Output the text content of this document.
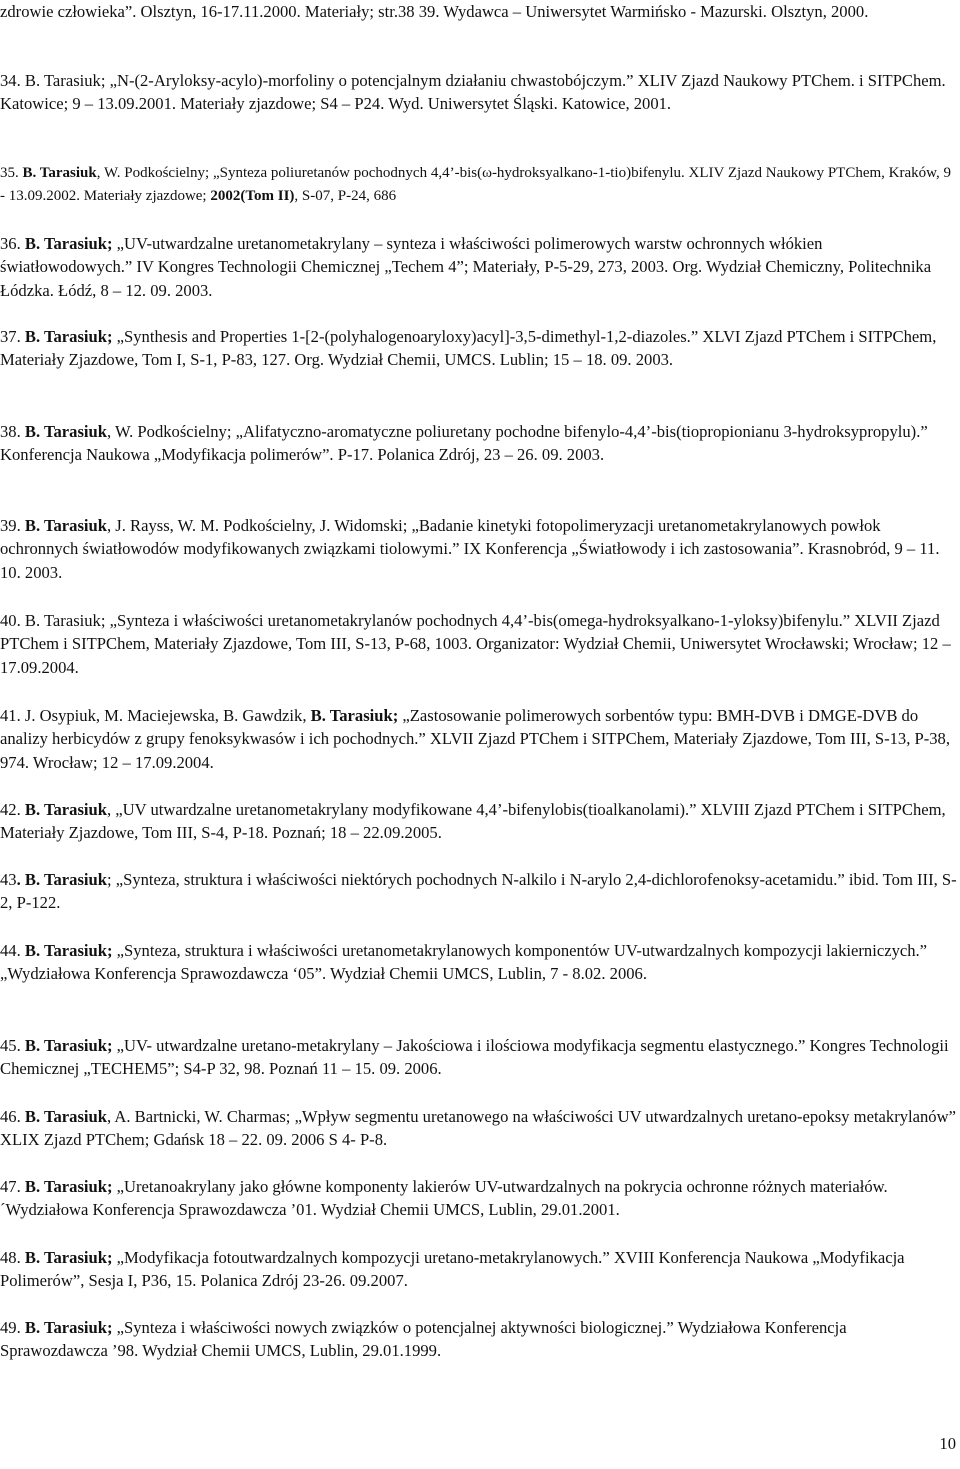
zdrowie człowieka”. Olsztyn, 16-17.11.2000. Materiały; str.38 39. Wydawca – Uniwersytet Warmińsko - Mazurski. Olsztyn, 2000.

34. B. Tarasiuk; „N-(2-Aryloksy-acylo)-morfoliny o potencjalnym działaniu chwastobójczym.” XLIV Zjazd Naukowy PTChem. i SITPChem. Katowice; 9 – 13.09.2001. Materiały zjazdowe; S4 – P24. Wyd. Uniwersytet Śląski. Katowice, 2001.

35. B. Tarasiuk, W. Podkościelny; „Synteza poliuretanów pochodnych 4,4’-bis(ω-hydroksyalkano-1-tio)bifenylu. XLIV Zjazd Naukowy PTChem, Kraków, 9 - 13.09.2002. Materiały zjazdowe; 2002(Tom II), S-07, P-24, 686

36. B. Tarasiuk; „UV-utwardzalne uretanometakrylany – synteza i właściwości polimerowych warstw ochronnych włókien światłowodowych.” IV Kongres Technologii Chemicznej „Techem 4”; Materiały, P-5-29, 273, 2003. Org. Wydział Chemiczny, Politechnika Łódzka. Łódź, 8 – 12. 09. 2003.

37. B. Tarasiuk; „Synthesis and Properties 1-[2-(polyhalogenoaryloxy)acyl]-3,5-dimethyl-1,2-diazoles.” XLVI Zjazd PTChem i SITPChem, Materiały Zjazdowe, Tom I, S-1, P-83, 127. Org. Wydział Chemii, UMCS. Lublin; 15 – 18. 09. 2003.

38. B. Tarasiuk, W. Podkościelny; „Alifatyczno-aromatyczne poliuretany pochodne bifenylo-4,4’-bis(tiopropionianu 3-hydroksypropylu).” Konferencja Naukowa „Modyfikacja polimerów”. P-17. Polanica Zdrój, 23 – 26. 09. 2003.

39. B. Tarasiuk, J. Rayss, W. M. Podkościelny, J. Widomski; „Badanie kinetyki fotopolimeryzacji uretanometakrylanowych powłok ochronnych światłowodów modyfikowanych związkami tiolowymi.” IX Konferencja „Światłowody i ich zastosowania”. Krasnobród, 9 – 11. 10. 2003.

40. B. Tarasiuk; „Synteza i właściwości uretanometakrylanów pochodnych 4,4’-bis(omega-hydroksyalkano-1-yloksy)bifenylu.” XLVII Zjazd PTChem i SITPChem, Materiały Zjazdowe, Tom III, S-13, P-68, 1003. Organizator: Wydział Chemii, Uniwersytet Wrocławski; Wrocław; 12 – 17.09.2004.

41. J. Osypiuk, M. Maciejewska, B. Gawdzik, B. Tarasiuk; „Zastosowanie polimerowych sorbentów typu: BMH-DVB i DMGE-DVB do analizy herbicydów z grupy fenoksykwasów i ich pochodnych.” XLVII Zjazd PTChem i SITPChem, Materiały Zjazdowe, Tom III, S-13, P-38, 974. Wrocław; 12 – 17.09.2004.

42. B. Tarasiuk, „UV utwardzalne uretanometakrylany modyfikowane 4,4’-bifenylobis(tioalkanolami).” XLVIII Zjazd PTChem i SITPChem, Materiały Zjazdowe, Tom III, S-4, P-18. Poznań; 18 – 22.09.2005.

43. B. Tarasiuk; „Synteza, struktura i właściwości niektórych pochodnych N-alkilo i N-arylo 2,4-dichlorofenoksy-acetamidu.” ibid. Tom III, S-2, P-122.

44. B. Tarasiuk; „Synteza, struktura i właściwości uretanometakrylanowych komponentów UV-utwardzalnych kompozycji lakierniczych.” „Wydziałowa Konferencja Sprawozdawcza ‘05”. Wydział Chemii UMCS, Lublin, 7 - 8.02. 2006.

45. B. Tarasiuk; „UV- utwardzalne uretano-metakrylany – Jakościowa i ilościowa modyfikacja segmentu elastycznego.” Kongres Technologii Chemicznej „TECHEM5”; S4-P 32, 98. Poznań 11 – 15. 09. 2006.

46. B. Tarasiuk, A. Bartnicki, W. Charmas; „Wpływ segmentu uretanowego na właściwości UV utwardzalnych uretano-epoksy metakrylanów” XLIX Zjazd PTChem; Gdańsk 18 – 22. 09. 2006 S 4- P-8.

47. B. Tarasiuk; „Uretanoakrylany jako główne komponenty lakierów UV-utwardzalnych na pokrycia ochronne różnych materiałów.´Wydziałowa Konferencja Sprawozdawcza ’01. Wydział Chemii UMCS, Lublin, 29.01.2001.

48. B. Tarasiuk; „Modyfikacja fotoutwardzalnych kompozycji uretano-metakrylanowych.” XVIII Konferencja Naukowa „Modyfikacja Polimerów”, Sesja I, P36, 15. Polanica Zdrój 23-26. 09.2007.

49. B. Tarasiuk; „Synteza i właściwości nowych związków o potencjalnej aktywności biologicznej.” Wydziałowa Konferencja Sprawozdawcza ’98. Wydział Chemii UMCS, Lublin, 29.01.1999.

10
